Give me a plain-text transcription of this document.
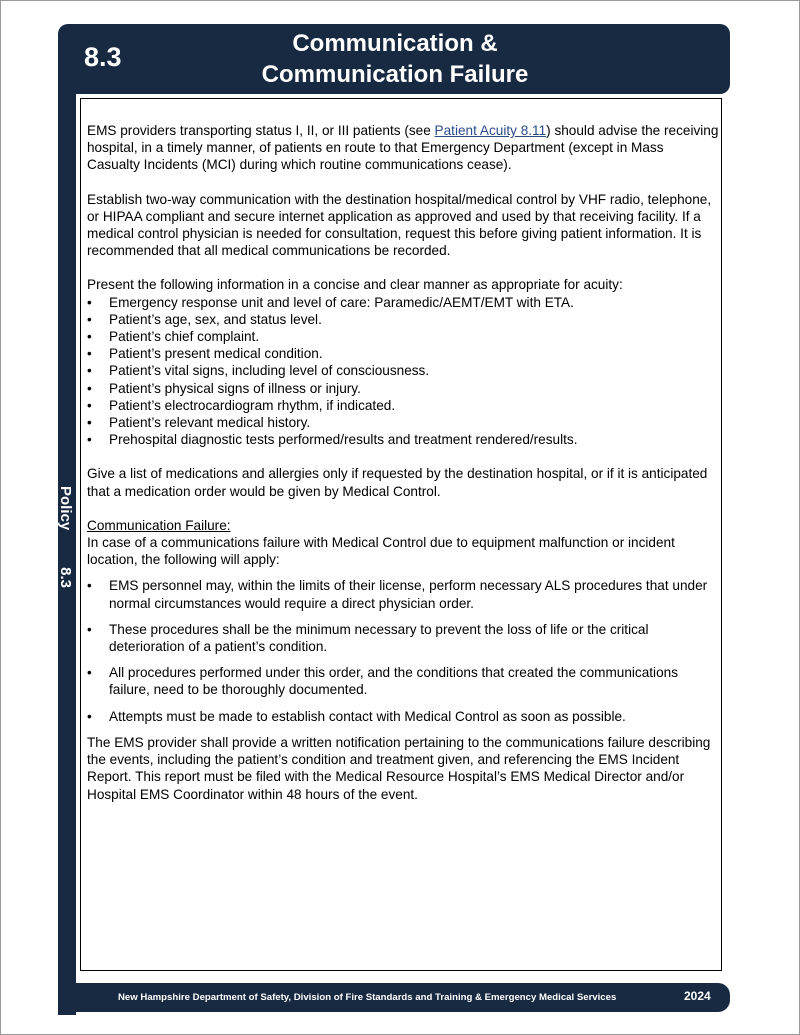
8.3	Communication &
Communication Failure
Policy
8.3

EMS providers transporting status I, II, or III patients (see Patient Acuity 8.11) should advise the receiving hospital, in a timely manner, of patients en route to that Emergency Department (except in Mass Casualty Incidents (MCI) during which routine communications cease).

Establish two-way communication with the destination hospital/medical control by VHF radio, telephone, or HIPAA compliant and secure internet application as approved and used by that receiving facility. If a medical control physician is needed for consultation, request this before giving patient information. It is recommended that all medical communications be recorded.

Present the following information in a concise and clear manner as appropriate for acuity:

• Emergency response unit and level of care: Paramedic/AEMT/EMT with ETA.
• Patient’s age, sex, and status level.
• Patient’s chief complaint.
• Patient’s present medical condition.
• Patient’s vital signs, including level of consciousness.
• Patient’s physical signs of illness or injury.
• Patient’s electrocardiogram rhythm, if indicated.
• Patient’s relevant medical history.
• Prehospital diagnostic tests performed/results and treatment rendered/results.

Give a list of medications and allergies only if requested by the destination hospital, or if it is anticipated that a medication order would be given by Medical Control.

Communication Failure:

In case of a communications failure with Medical Control due to equipment malfunction or incident location, the following will apply:

• EMS personnel may, within the limits of their license, perform necessary ALS procedures that under normal circumstances would require a direct physician order.
• These procedures shall be the minimum necessary to prevent the loss of life or the critical deterioration of a patient’s condition.
• All procedures performed under this order, and the conditions that created the communications failure, need to be thoroughly documented.
• Attempts must be made to establish contact with Medical Control as soon as possible.

The EMS provider shall provide a written notification pertaining to the communications failure describing the events, including the patient’s condition and treatment given, and referencing the EMS Incident Report. This report must be filed with the Medical Resource Hospital’s EMS Medical Director and/or Hospital EMS Coordinator within 48 hours of the event.

New Hampshire Department of Safety, Division of Fire Standards and Training & Emergency Medical Services	2024
